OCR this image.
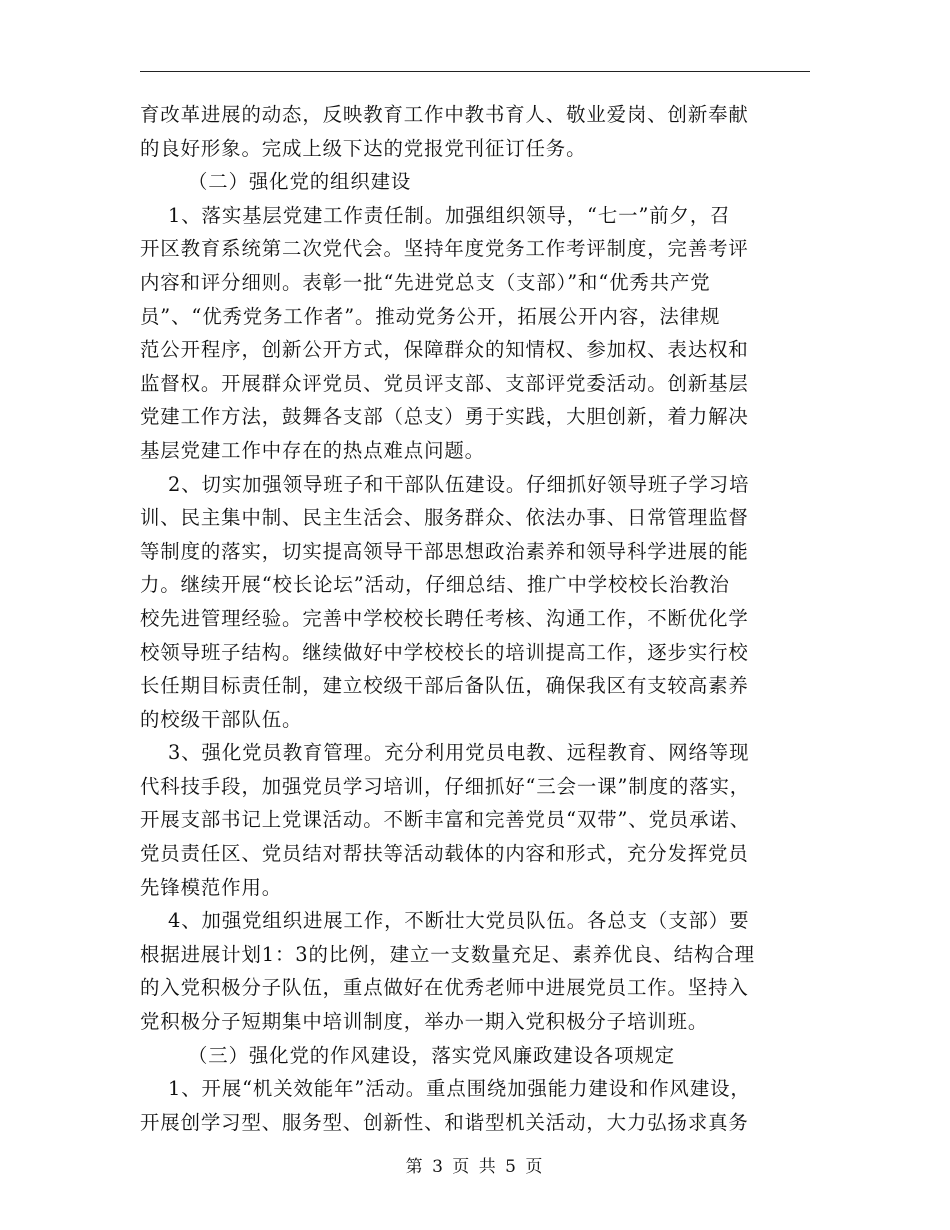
育改革进展的动态，反映教育工作中教书育人、敬业爱岗、创新奉献
的良好形象。完成上级下达的党报党刊征订任务。
（二）强化党的组织建设
1、落实基层党建工作责任制。加强组织领导，“七一”前夕，召
开区教育系统第二次党代会。坚持年度党务工作考评制度，完善考评
内容和评分细则。表彰一批“先进党总支（支部）”和“优秀共产党
员”、“优秀党务工作者”。推动党务公开，拓展公开内容，法律规
范公开程序，创新公开方式，保障群众的知情权、参加权、表达权和
监督权。开展群众评党员、党员评支部、支部评党委活动。创新基层
党建工作方法，鼓舞各支部（总支）勇于实践，大胆创新，着力解决
基层党建工作中存在的热点难点问题。
2、切实加强领导班子和干部队伍建设。仔细抓好领导班子学习培
训、民主集中制、民主生活会、服务群众、依法办事、日常管理监督
等制度的落实，切实提高领导干部思想政治素养和领导科学进展的能
力。继续开展“校长论坛”活动，仔细总结、推广中学校校长治教治
校先进管理经验。完善中学校校长聘任考核、沟通工作，不断优化学
校领导班子结构。继续做好中学校校长的培训提高工作，逐步实行校
长任期目标责任制，建立校级干部后备队伍，确保我区有支较高素养
的校级干部队伍。
3、强化党员教育管理。充分利用党员电教、远程教育、网络等现
代科技手段，加强党员学习培训，仔细抓好“三会一课”制度的落实，
开展支部书记上党课活动。不断丰富和完善党员“双带”、党员承诺、
党员责任区、党员结对帮扶等活动载体的内容和形式，充分发挥党员
先锋模范作用。
4、加强党组织进展工作，不断壮大党员队伍。各总支（支部）要
根据进展计划1：3的比例，建立一支数量充足、素养优良、结构合理
的入党积极分子队伍，重点做好在优秀老师中进展党员工作。坚持入
党积极分子短期集中培训制度，举办一期入党积极分子培训班。
（三）强化党的作风建设，落实党风廉政建设各项规定
1、开展“机关效能年”活动。重点围绕加强能力建设和作风建设，
开展创学习型、服务型、创新性、和谐型机关活动，大力弘扬求真务
第 3 页 共 5 页
